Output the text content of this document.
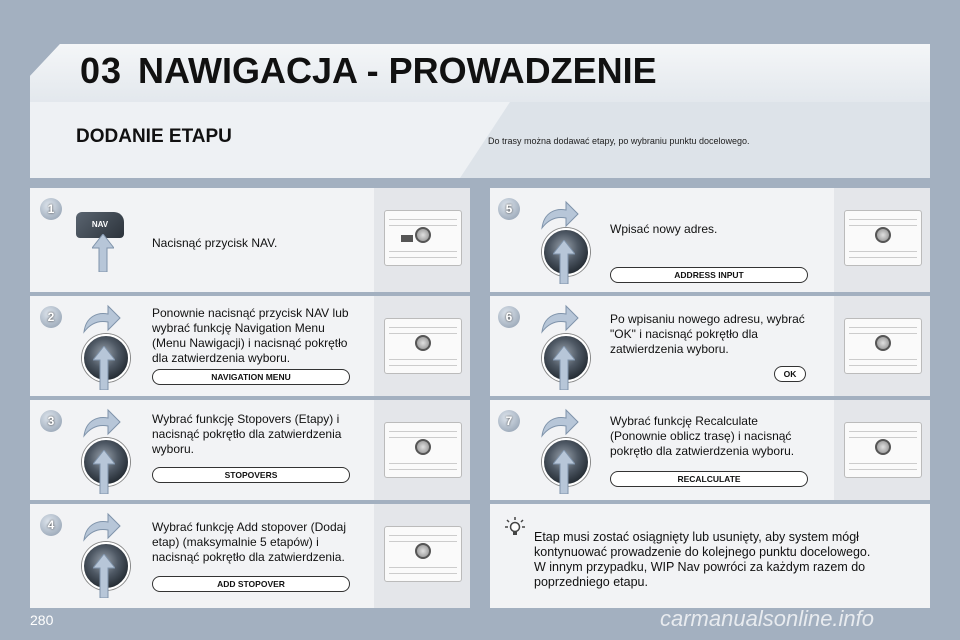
03 NAWIGACJA - PROWADZENIE
DODANIE ETAPU	Do trasy można dodawać etapy, po wybraniu punktu docelowego.
1
NAV
Nacisnąć przycisk NAV.
2	Ponownie nacisnąć przycisk NAV lub wybrać funkcję Navigation Menu (Menu Nawigacji) i nacisnąć pokrętło dla zatwierdzenia wyboru.
NAVIGATION MENU
3	Wybrać funkcję Stopovers (Etapy) i nacisnąć pokrętło dla zatwierdzenia wyboru.
STOPOVERS
4	Wybrać funkcję Add stopover (Dodaj etap) (maksymalnie 5 etapów) i nacisnąć pokrętło dla zatwierdzenia.
ADD STOPOVER
5
Wpisać nowy adres.
ADDRESS INPUT
6	Po wpisaniu nowego adresu, wybrać "OK" i nacisnąć pokrętło dla zatwierdzenia wyboru.
OK
7	Wybrać funkcję Recalculate (Ponownie oblicz trasę) i nacisnąć pokrętło dla zatwierdzenia wyboru.
RECALCULATE
Etap musi zostać osiągnięty lub usunięty, aby system mógł kontynuować prowadzenie do kolejnego punktu docelowego. W innym przypadku, WIP Nav powróci za każdym razem do poprzedniego etapu.
280	carmanualsonline.info
